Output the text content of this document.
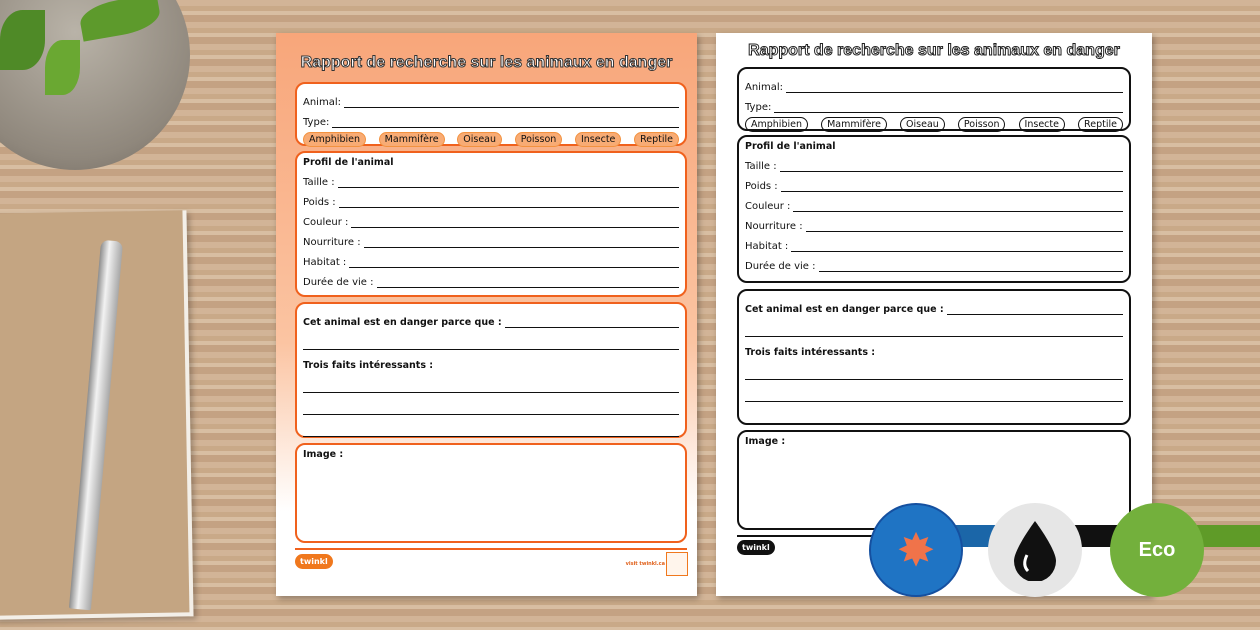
Rapport de recherche sur les animaux en danger
Animal:
Type:
Amphibien	Mammifère	Oiseau	Poisson	Insecte	Reptile
Profil de l'animal
Taille :
Poids :
Couleur :
Nourriture :
Habitat :
Durée de vie :
Cet animal est en danger parce que :
Trois faits intéressants :
Image :
twinkl	visit twinkl.ca
Rapport de recherche sur les animaux en danger
Animal:
Type:
Amphibien	Mammifère	Oiseau	Poisson	Insecte	Reptile
Profil de l'animal
Taille :
Poids :
Couleur :
Nourriture :
Habitat :
Durée de vie :
Cet animal est en danger parce que :
Trois faits intéressants :
Image :
twinkl	✸	Eco
